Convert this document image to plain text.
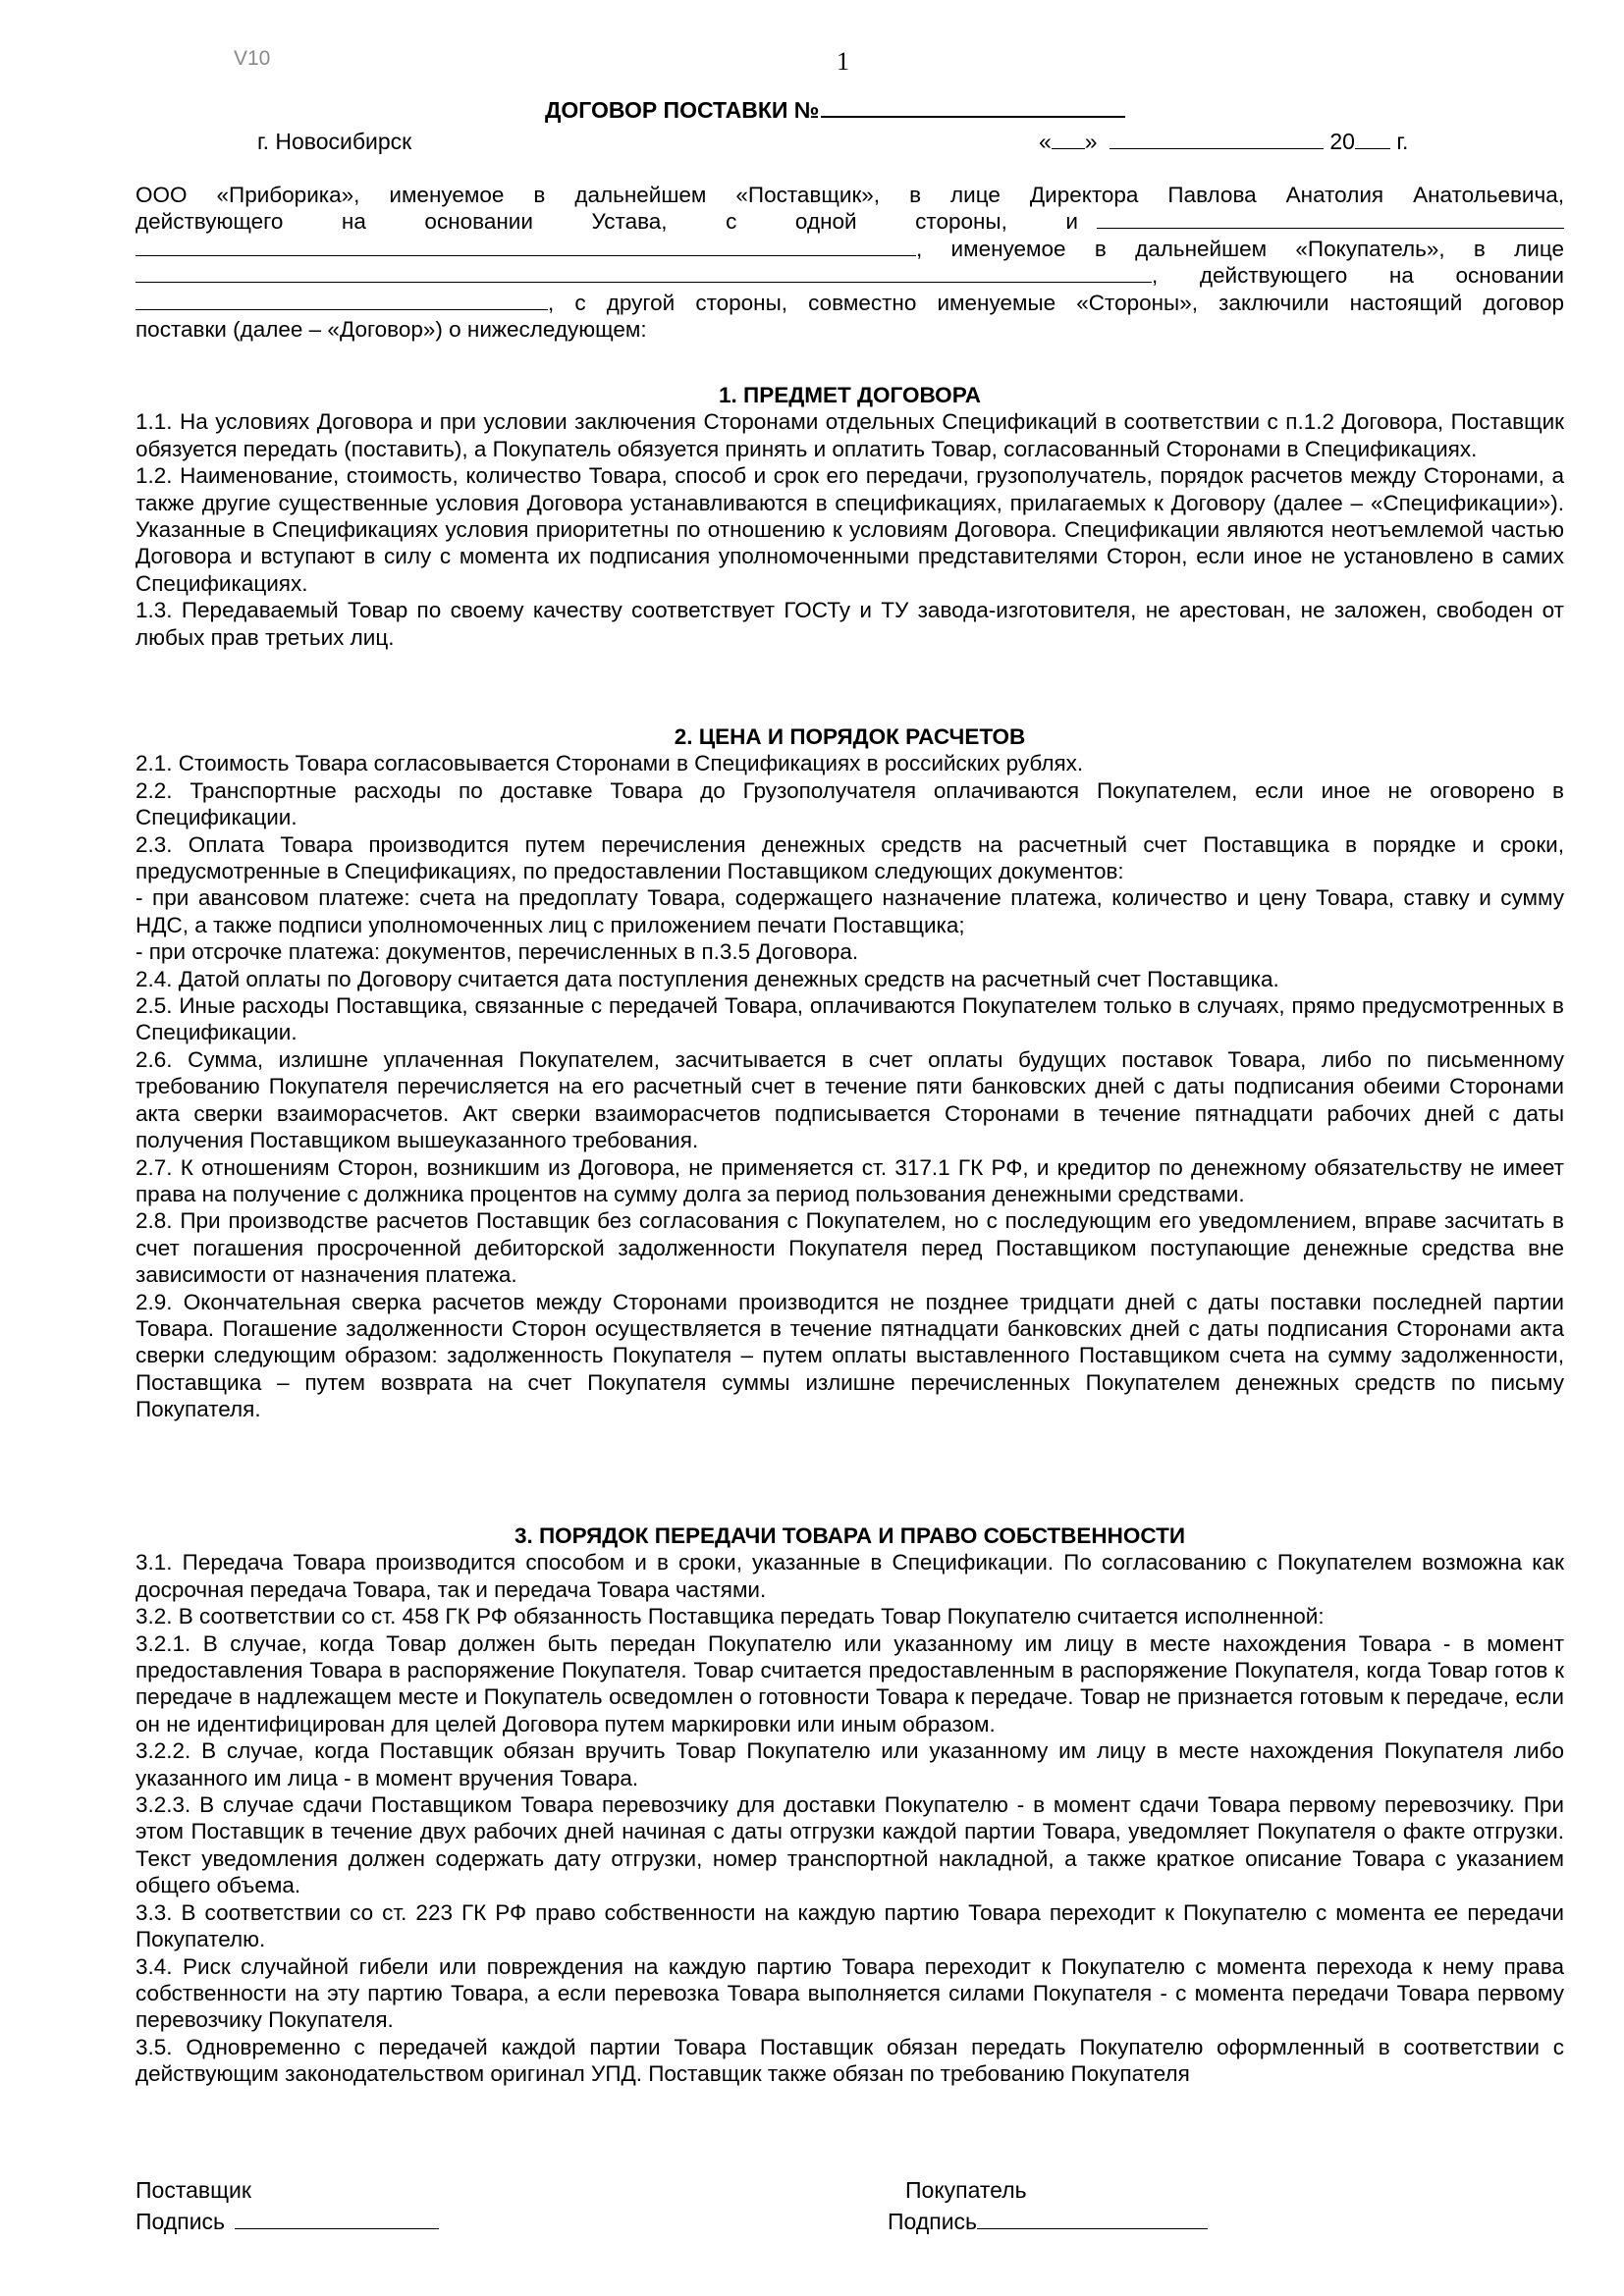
V10	1
ДОГОВОР ПОСТАВКИ №
г. Новосибирск	« »	20 г.
ООО «Приборика», именуемое в дальнейшем «Поставщик», в лице Директора Павлова Анатолия Анатольевича,
действующего на основании Устава, с одной стороны, и
, именуемое в дальнейшем «Покупатель», в лице
, действующего на основании
, с другой стороны, совместно именуемые «Стороны», заключили настоящий договор
поставки (далее – «Договор») о нижеследующем:
1. ПРЕДМЕТ ДОГОВОРА

1.1. На условиях Договора и при условии заключения Сторонами отдельных Спецификаций в соответствии с п.1.2 Договора, Поставщик обязуется передать (поставить), а Покупатель обязуется принять и оплатить Товар, согласованный Сторонами в Спецификациях.

1.2. Наименование, стоимость, количество Товара, способ и срок его передачи, грузополучатель, порядок расчетов между Сторонами, а также другие существенные условия Договора устанавливаются в спецификациях, прилагаемых к Договору (далее – «Спецификации»). Указанные в Спецификациях условия приоритетны по отношению к условиям Договора. Спецификации являются неотъемлемой частью Договора и вступают в силу с момента их подписания уполномоченными представителями Сторон, если иное не установлено в самих Спецификациях.

1.3. Передаваемый Товар по своему качеству соответствует ГОСТу и ТУ завода-изготовителя, не арестован, не заложен, свободен от любых прав третьих лиц.

2. ЦЕНА И ПОРЯДОК РАСЧЕТОВ

2.1. Стоимость Товара согласовывается Сторонами в Спецификациях в российских рублях.

2.2. Транспортные расходы по доставке Товара до Грузополучателя оплачиваются Покупателем, если иное не оговорено в Спецификации.

2.3. Оплата Товара производится путем перечисления денежных средств на расчетный счет Поставщика в порядке и сроки, предусмотренные в Спецификациях, по предоставлении Поставщиком следующих документов:

- при авансовом платеже: счета на предоплату Товара, содержащего назначение платежа, количество и цену Товара, ставку и сумму НДС, а также подписи уполномоченных лиц с приложением печати Поставщика;

- при отсрочке платежа: документов, перечисленных в п.3.5 Договора.

2.4. Датой оплаты по Договору считается дата поступления денежных средств на расчетный счет Поставщика.

2.5. Иные расходы Поставщика, связанные с передачей Товара, оплачиваются Покупателем только в случаях, прямо предусмотренных в Спецификации.

2.6. Сумма, излишне уплаченная Покупателем, засчитывается в счет оплаты будущих поставок Товара, либо по письменному требованию Покупателя перечисляется на его расчетный счет в течение пяти банковских дней с даты подписания обеими Сторонами акта сверки взаиморасчетов. Акт сверки взаиморасчетов подписывается Сторонами в течение пятнадцати рабочих дней с даты получения Поставщиком вышеуказанного требования.

2.7. К отношениям Сторон, возникшим из Договора, не применяется ст. 317.1 ГК РФ, и кредитор по денежному обязательству не имеет права на получение с должника процентов на сумму долга за период пользования денежными средствами.

2.8. При производстве расчетов Поставщик без согласования с Покупателем, но с последующим его уведомлением, вправе засчитать в счет погашения просроченной дебиторской задолженности Покупателя перед Поставщиком поступающие денежные средства вне зависимости от назначения платежа.

2.9. Окончательная сверка расчетов между Сторонами производится не позднее тридцати дней с даты поставки последней партии Товара. Погашение задолженности Сторон осуществляется в течение пятнадцати банковских дней с даты подписания Сторонами акта сверки следующим образом: задолженность Покупателя – путем оплаты выставленного Поставщиком счета на сумму задолженности, Поставщика – путем возврата на счет Покупателя суммы излишне перечисленных Покупателем денежных средств по письму Покупателя.

3. ПОРЯДОК ПЕРЕДАЧИ ТОВАРА И ПРАВО СОБСТВЕННОСТИ

3.1. Передача Товара производится способом и в сроки, указанные в Спецификации. По согласованию с Покупателем возможна как досрочная передача Товара, так и передача Товара частями.

3.2. В соответствии со ст. 458 ГК РФ обязанность Поставщика передать Товар Покупателю считается исполненной:

3.2.1. В случае, когда Товар должен быть передан Покупателю или указанному им лицу в месте нахождения Товара - в момент предоставления Товара в распоряжение Покупателя. Товар считается предоставленным в распоряжение Покупателя, когда Товар готов к передаче в надлежащем месте и Покупатель осведомлен о готовности Товара к передаче. Товар не признается готовым к передаче, если он не идентифицирован для целей Договора путем маркировки или иным образом.

3.2.2. В случае, когда Поставщик обязан вручить Товар Покупателю или указанному им лицу в месте нахождения Покупателя либо указанного им лица - в момент вручения Товара.

3.2.3. В случае сдачи Поставщиком Товара перевозчику для доставки Покупателю - в момент сдачи Товара первому перевозчику. При этом Поставщик в течение двух рабочих дней начиная с даты отгрузки каждой партии Товара, уведомляет Покупателя о факте отгрузки. Текст уведомления должен содержать дату отгрузки, номер транспортной накладной, а также краткое описание Товара с указанием общего объема.

3.3. В соответствии со ст. 223 ГК РФ право собственности на каждую партию Товара переходит к Покупателю с момента ее передачи Покупателю.

3.4. Риск случайной гибели или повреждения на каждую партию Товара переходит к Покупателю с момента перехода к нему права собственности на эту партию Товара, а если перевозка Товара выполняется силами Покупателя - с момента передачи Товара первому перевозчику Покупателя.

3.5. Одновременно с передачей каждой партии Товара Поставщик обязан передать Покупателю оформленный в соответствии с действующим законодательством оригинал УПД. Поставщик также обязан по требованию Покупателя

Поставщик
Подпись
Покупатель
Подпись
